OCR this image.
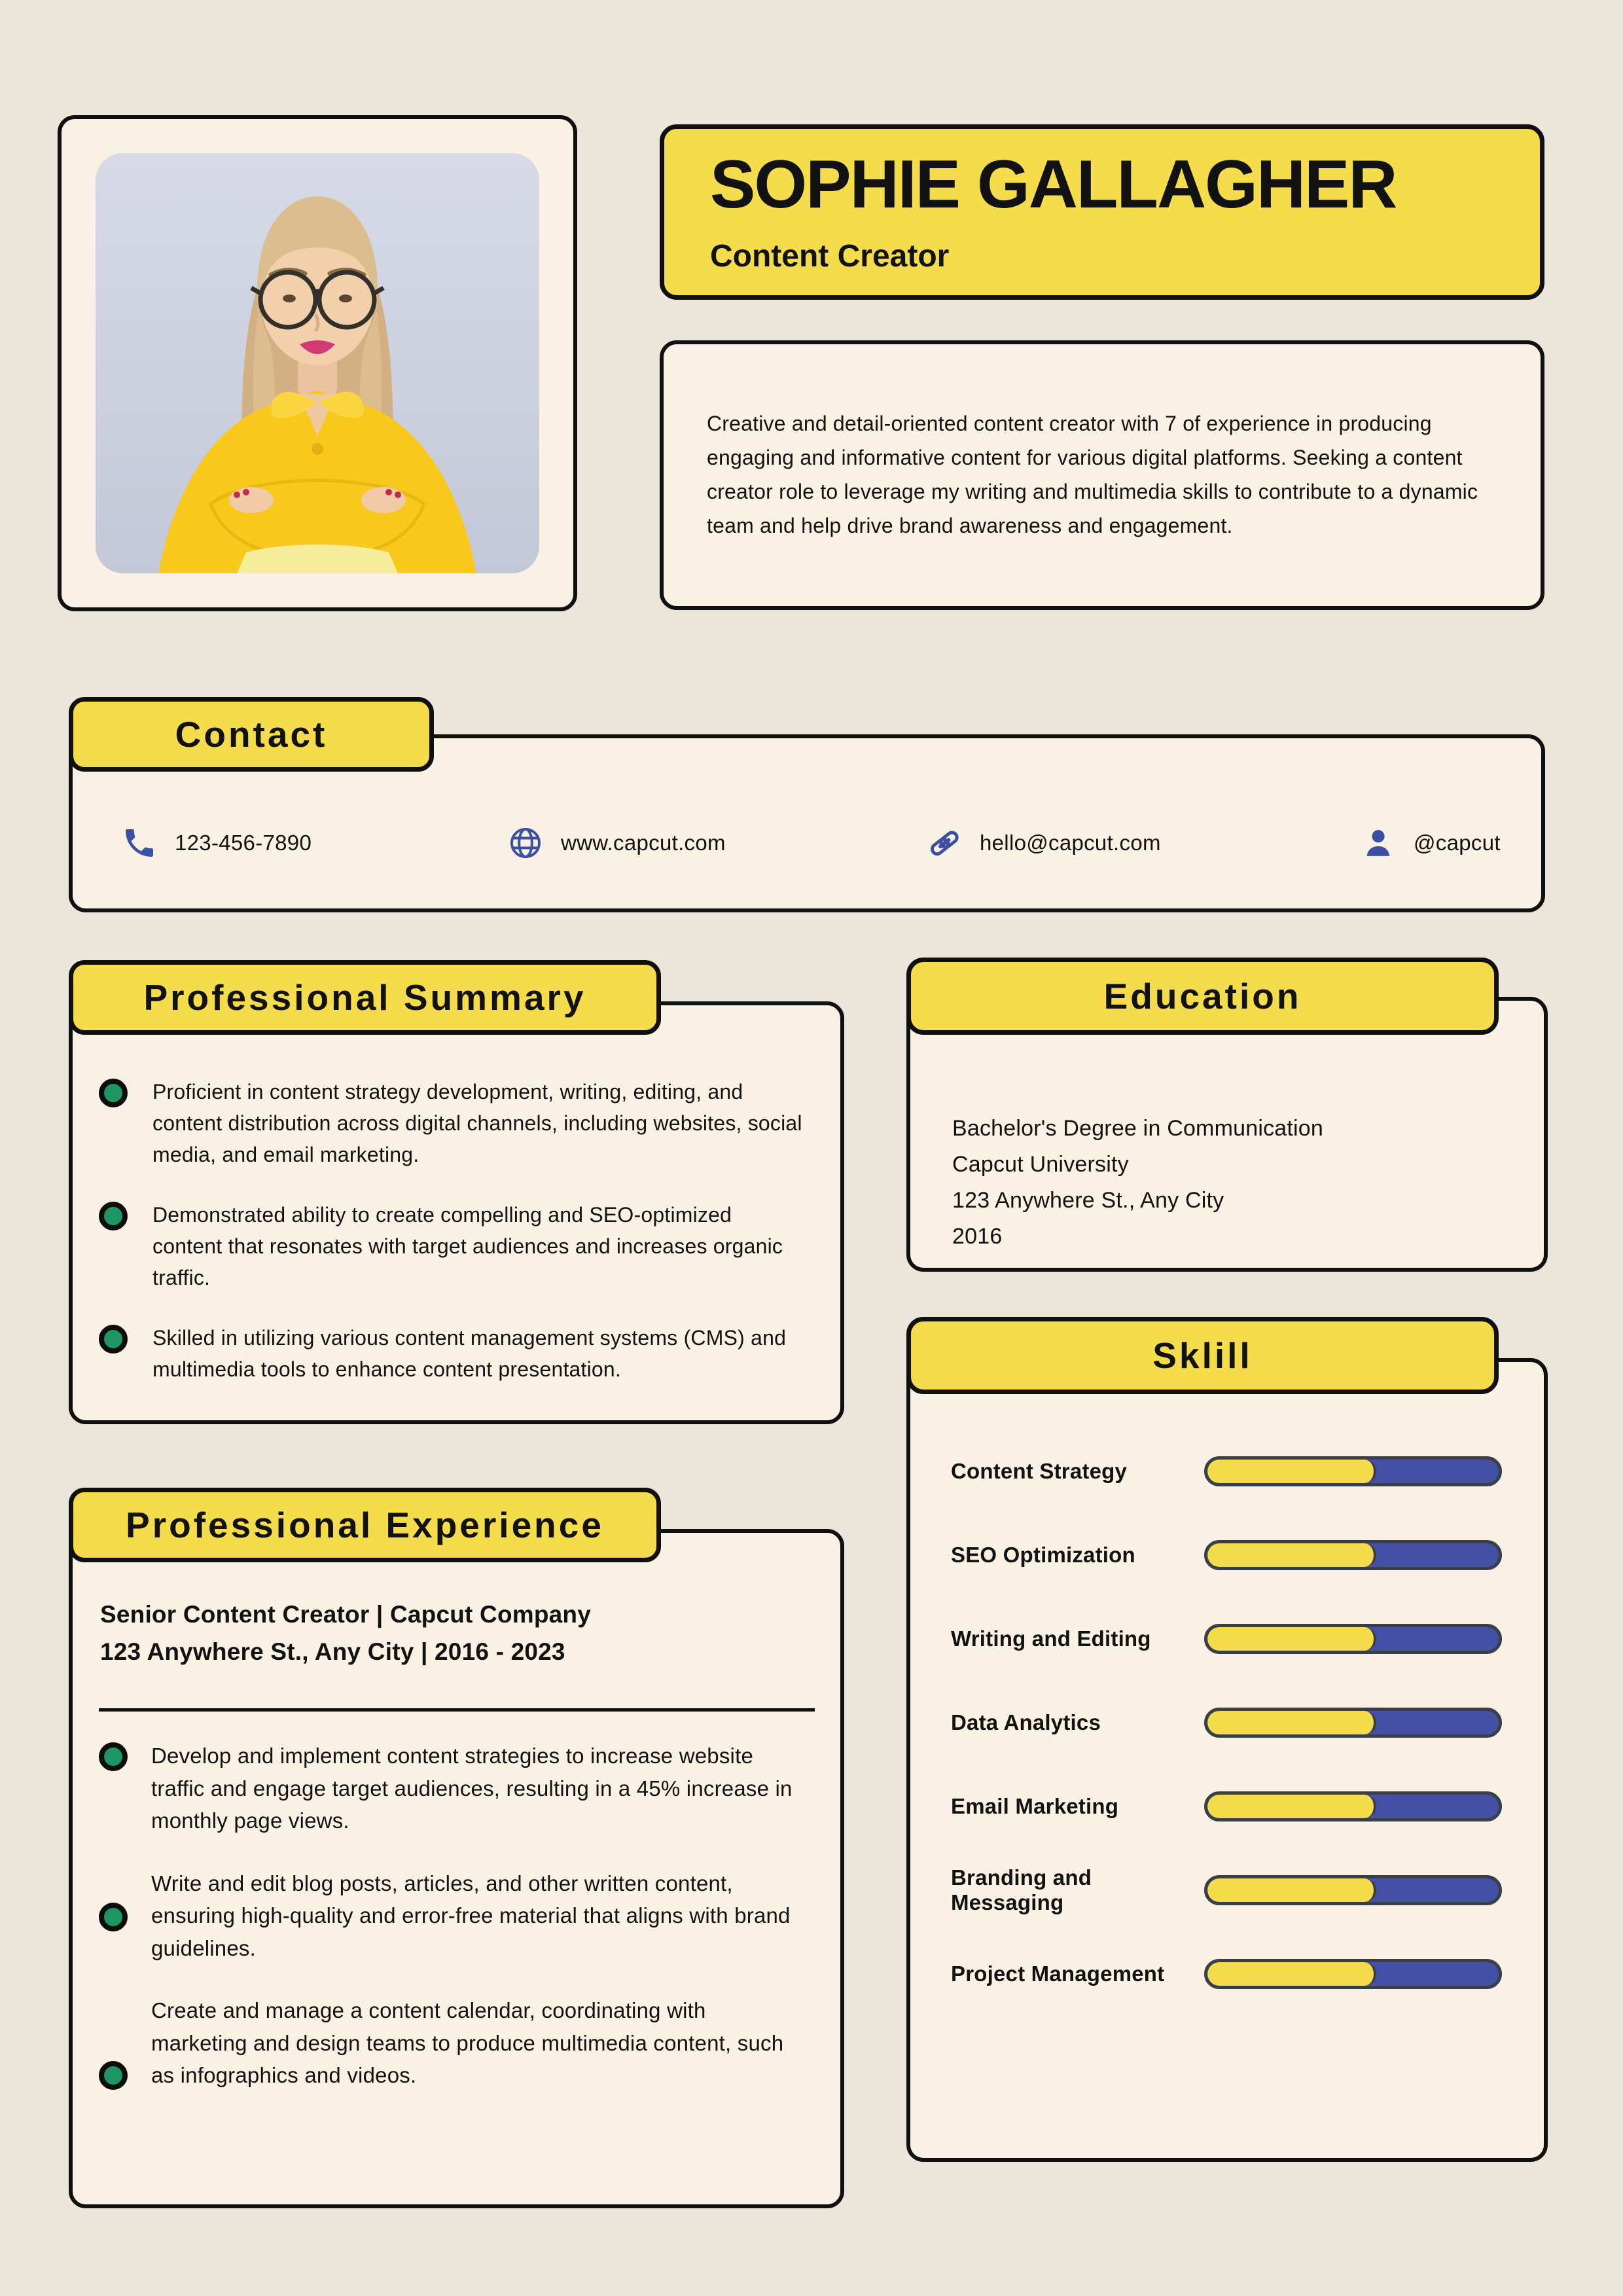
SOPHIE GALLAGHER
Content Creator
Creative and detail-oriented content creator with 7 of experience in producing engaging and informative content for various digital platforms. Seeking a content creator role to leverage my writing and multimedia skills to contribute to a dynamic team and help drive brand awareness and engagement.
123-456-7890	www.capcut.com	hello@capcut.com	@capcut
Contact
Proficient in content strategy development, writing, editing, and content distribution across digital channels, including websites, social media, and email marketing.
Demonstrated ability to create compelling and SEO-optimized content that resonates with target audiences and increases organic traffic.
Skilled in utilizing various content management systems (CMS) and multimedia tools to enhance content presentation.
Professional Summary
Bachelor's Degree in Communication
Capcut University
123 Anywhere St., Any City
2016
Education
Content Strategy
SEO Optimization
Writing and Editing
Data Analytics
Email Marketing
Branding and Messaging
Project Management
Sklill
Senior Content Creator | Capcut Company
123 Anywhere St., Any City | 2016 - 2023
Develop and implement content strategies to increase website traffic and engage target audiences, resulting in a 45% increase in monthly page views.
Write and edit blog posts, articles, and other written content, ensuring high-quality and error-free material that aligns with brand guidelines.
Create and manage a content calendar, coordinating with marketing and design teams to produce multimedia content, such as infographics and videos.
Professional Experience
